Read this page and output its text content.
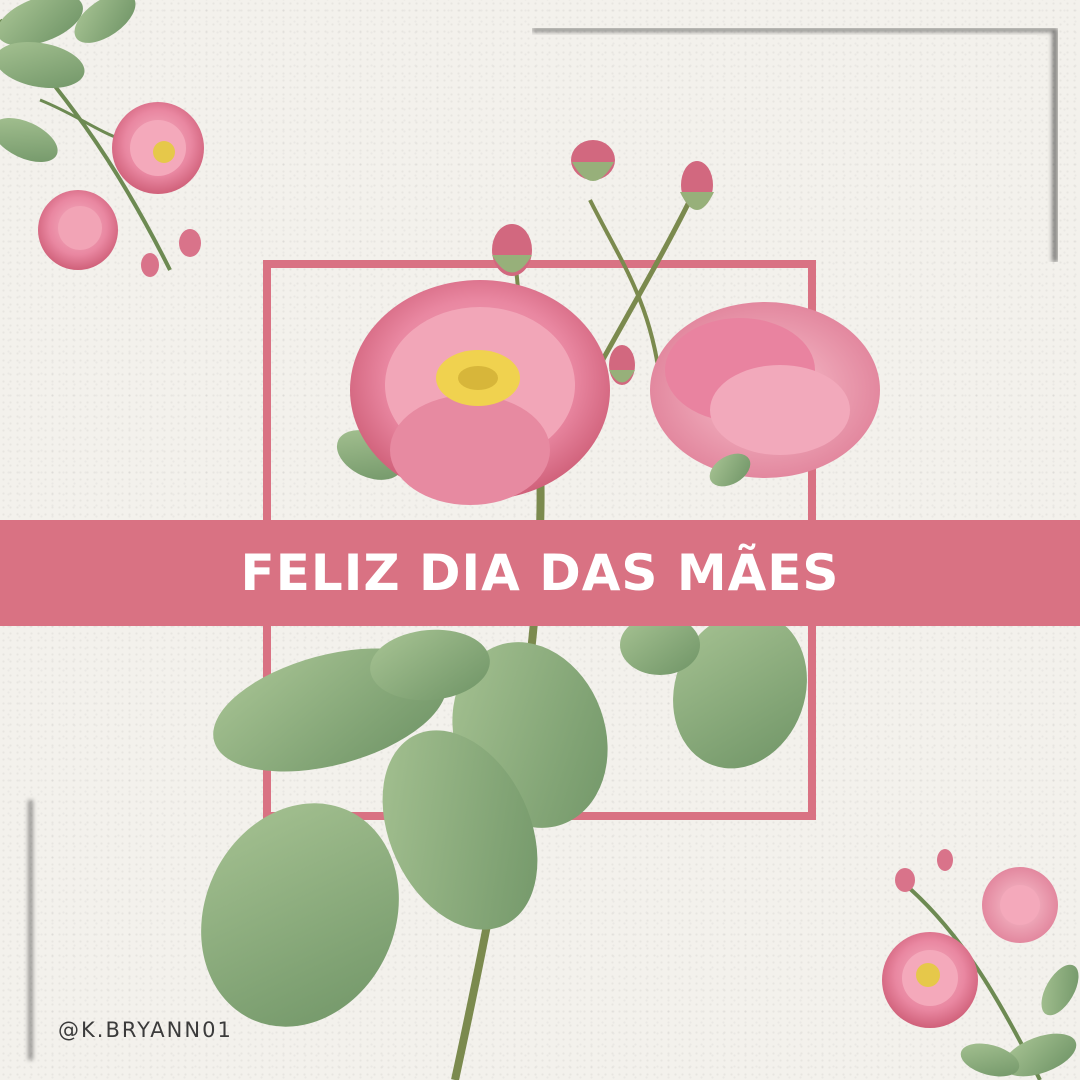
FELIZ DIA DAS MÃES
@K.BRYANN01
